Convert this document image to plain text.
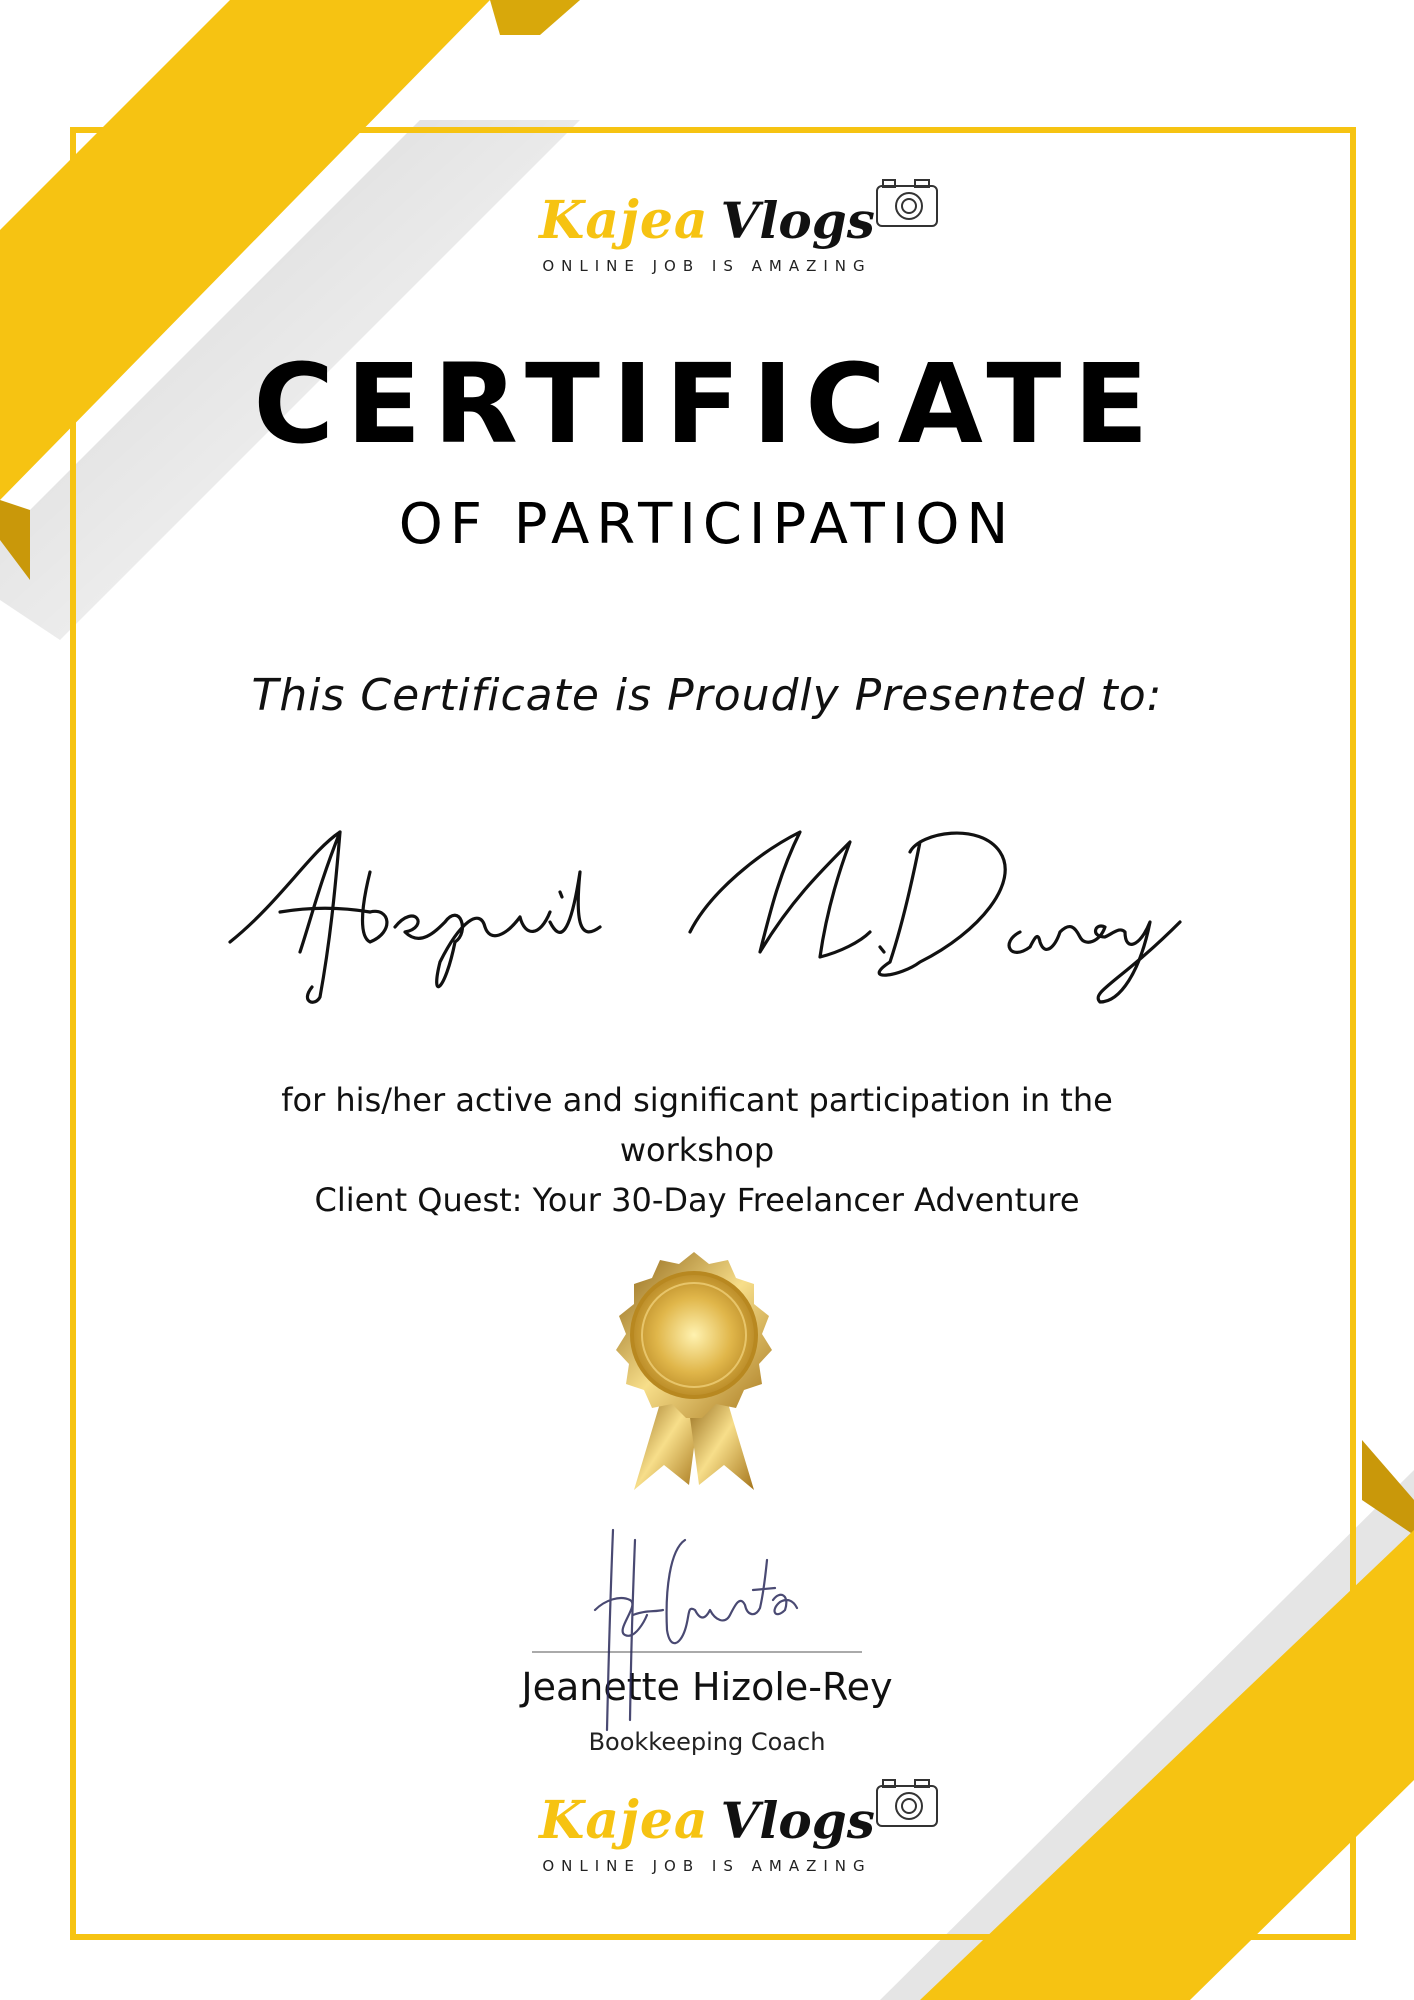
Kajea Vlogs
ONLINE JOB IS AMAZING
CERTIFICATE
OF PARTICIPATION
This Certificate is Proudly Presented to:
for his/her active and significant participation in the
workshop
Client Quest: Your 30-Day Freelancer Adventure
Jeanette Hizole-Rey
Bookkeeping Coach
Kajea Vlogs
ONLINE JOB IS AMAZING
